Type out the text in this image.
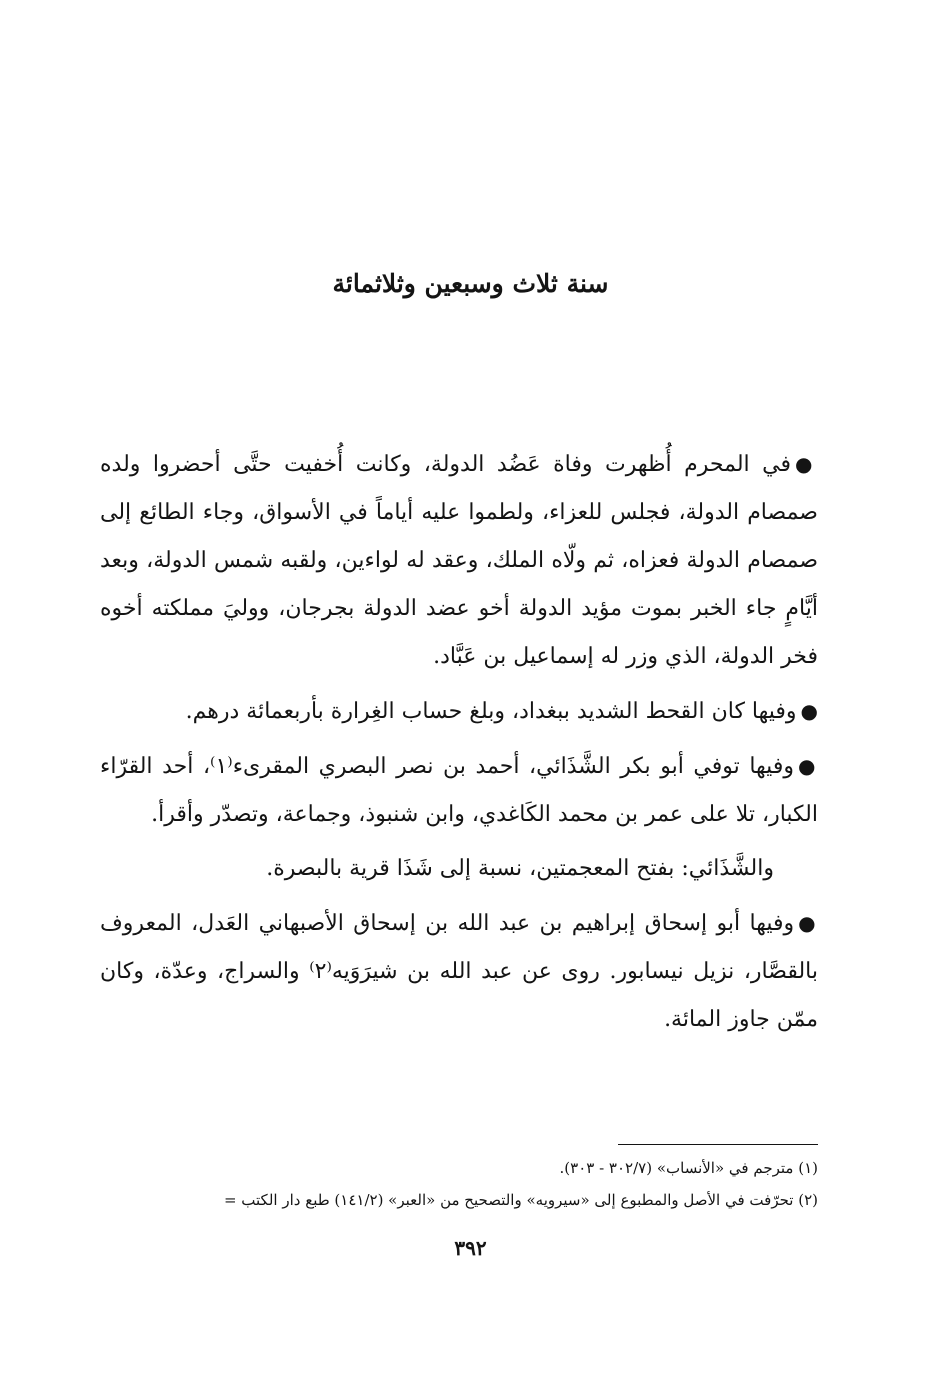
سنة ثلاث وسبعين وثلاثمائة

●في المحرم أُظهرت وفاة عَضُد الدولة، وكانت أُخفيت حتَّى أحضروا ولده صمصام الدولة، فجلس للعزاء، ولطموا عليه أياماً في الأسواق، وجاء الطائع إلى صمصام الدولة فعزاه، ثم ولّاه الملك، وعقد له لواءين، ولقبه شمس الدولة، وبعد أيَّامٍ جاء الخبر بموت مؤيد الدولة أخو عضد الدولة بجرجان، ووليَ مملكته أخوه فخر الدولة، الذي وزر له إسماعيل بن عَبَّاد.

●وفيها كان القحط الشديد ببغداد، وبلغ حساب الغِرارة بأربعمائة درهم.

●وفيها توفي أبو بكر الشَّذَائي، أحمد بن نصر البصري المقرىء⁽١⁾، أحد القرّاء الكبار، تلا على عمر بن محمد الكَاغدي، وابن شنبوذ، وجماعة، وتصدّر وأقرأ.

والشَّذَائي: بفتح المعجمتين، نسبة إلى شَذَا قرية بالبصرة.

●وفيها أبو إسحاق إبراهيم بن عبد الله بن إسحاق الأصبهاني العَدل، المعروف بالقصَّار، نزيل نيسابور. روى عن عبد الله بن شيرَوَيه⁽٢⁾ والسراج، وعدّة، وكان ممّن جاوز المائة.

(١) مترجم في «الأنساب» (٣٠٢/٧ - ٣٠٣).

(٢) تحرّفت في الأصل والمطبوع إلى «سيرويه» والتصحيح من «العبر» (١٤١/٢) طبع دار الكتب =

٣٩٢
